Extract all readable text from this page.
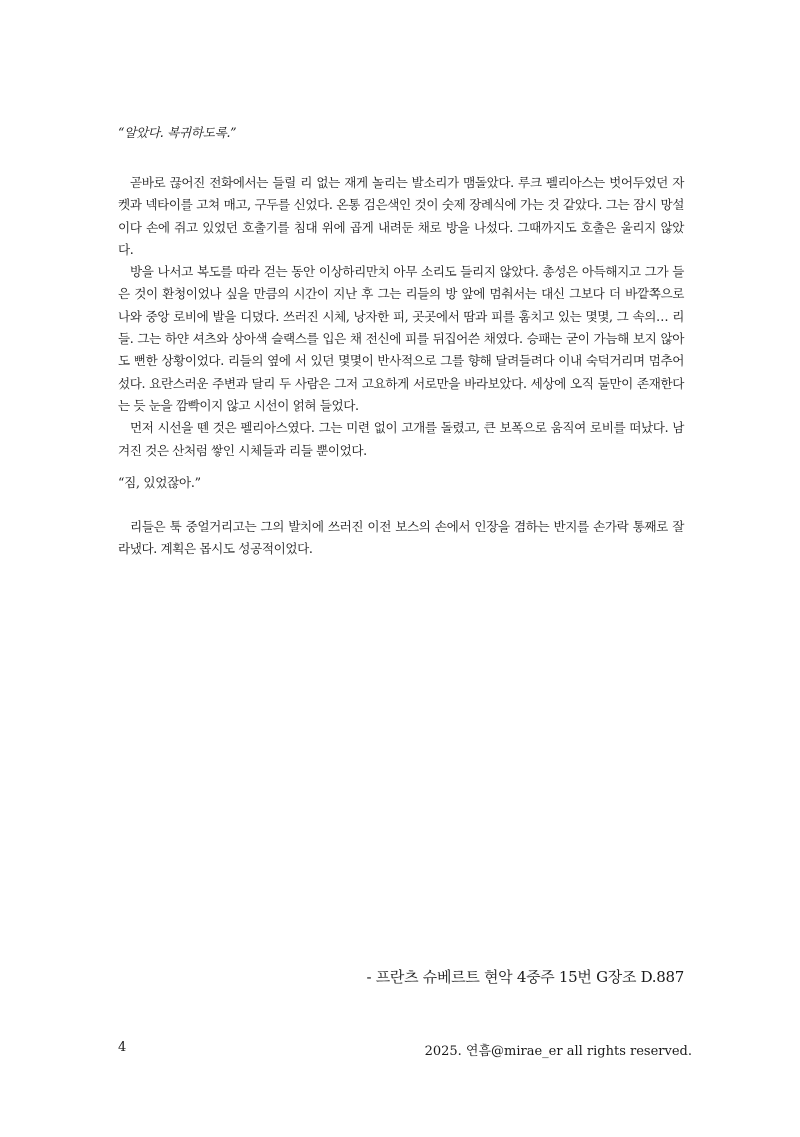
“알았다. 복귀하도록.”

곧바로 끊어진 전화에서는 들릴 리 없는 재게 놀리는 발소리가 맴돌았다. 루크 펠리아스는 벗어두었던 자켓과 넥타이를 고쳐 매고, 구두를 신었다. 온통 검은색인 것이 숫제 장례식에 가는 것 같았다. 그는 잠시 망설이다 손에 쥐고 있었던 호출기를 침대 위에 곱게 내려둔 채로 방을 나섰다. 그때까지도 호출은 울리지 않았다.

방을 나서고 복도를 따라 걷는 동안 이상하리만치 아무 소리도 들리지 않았다. 총성은 아득해지고 그가 들은 것이 환청이었나 싶을 만큼의 시간이 지난 후 그는 리들의 방 앞에 멈춰서는 대신 그보다 더 바깥쪽으로 나와 중앙 로비에 발을 디뎠다. 쓰러진 시체, 낭자한 피, 곳곳에서 땀과 피를 훔치고 있는 몇몇, 그 속의… 리들. 그는 하얀 셔츠와 상아색 슬랙스를 입은 채 전신에 피를 뒤집어쓴 채였다. 승패는 굳이 가늠해 보지 않아도 뻔한 상황이었다. 리들의 옆에 서 있던 몇몇이 반사적으로 그를 향해 달려들려다 이내 숙덕거리며 멈추어 섰다. 요란스러운 주변과 달리 두 사람은 그저 고요하게 서로만을 바라보았다. 세상에 오직 둘만이 존재한다는 듯 눈을 깜빡이지 않고 시선이 얽혀 들었다.

먼저 시선을 뗀 것은 펠리아스였다. 그는 미련 없이 고개를 돌렸고, 큰 보폭으로 움직여 로비를 떠났다. 남겨진 것은 산처럼 쌓인 시체들과 리들 뿐이었다.

“짐, 있었잖아.”

리들은 툭 중얼거리고는 그의 발치에 쓰러진 이전 보스의 손에서 인장을 겸하는 반지를 손가락 통째로 잘라냈다. 계획은 몹시도 성공적이었다.

- 프란츠 슈베르트 현악 4중주 15번 G장조 D.887

4	2025. 연흠@mirae_er all rights reserved.
